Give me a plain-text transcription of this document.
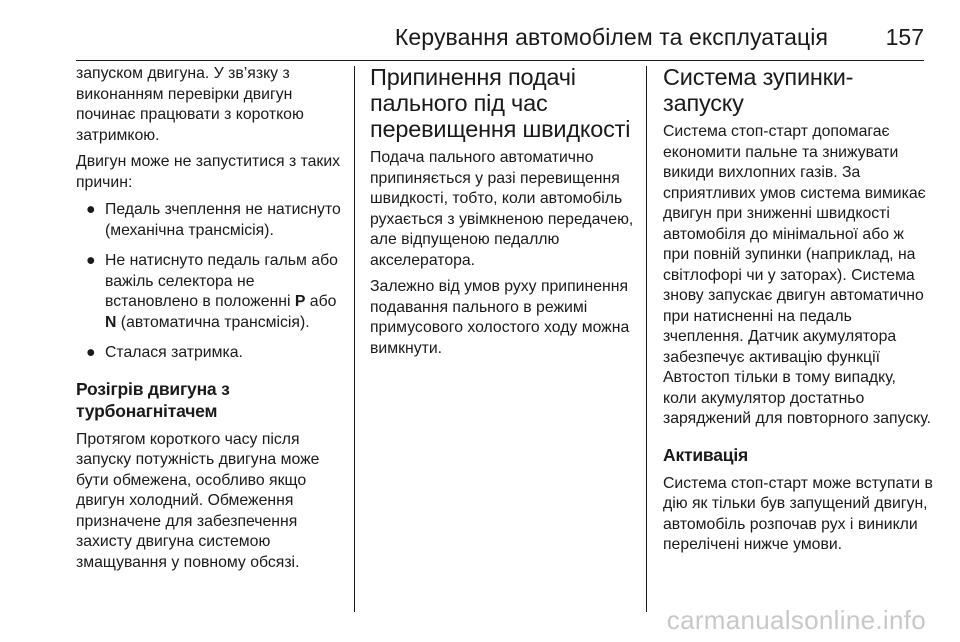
Керування автомобілем та експлуатація	157

запуском двигуна. У зв’язку з виконанням перевірки двигун починає працювати з короткою затримкою.

Двигун може не запуститися з таких причин:

● Педаль зчеплення не натиснуто (механічна трансмісія).
● Не натиснуто педаль гальм або важіль селектора не встановлено в положенні P або N (автоматична трансмісія).
● Сталася затримка.
Розігрів двигуна з турбонагнітачем

Протягом короткого часу після запуску потужність двигуна може бути обмежена, особливо якщо двигун холодний. Обмеження призначене для забезпечення захисту двигуна системою змащування у повному обсязі.

Припинення подачі пального під час перевищення швидкості

Подача пального автоматично припиняється у разі перевищення швидкості, тобто, коли автомобіль рухається з увімкненою передачею, але відпущеною педаллю акселератора.

Залежно від умов руху припинення подавання пального в режимі примусового холостого ходу можна вимкнути.

Система зупинки-запуску

Система стоп-старт допомагає економити пальне та знижувати викиди вихлопних газів. За сприятливих умов система вимикає двигун при зниженні швидкості автомобіля до мінімальної або ж при повній зупинки (наприклад, на світлофорі чи у заторах). Система знову запускає двигун автоматично при натисненні на педаль зчеплення. Датчик акумулятора забезпечує активацію функції Автостоп тільки в тому випадку, коли акумулятор достатньо заряджений для повторного запуску.

Активація

Система стоп-старт може вступати в дію як тільки був запущений двигун, автомобіль розпочав рух і виникли перелічені нижче умови.

carmanualsonline.info
